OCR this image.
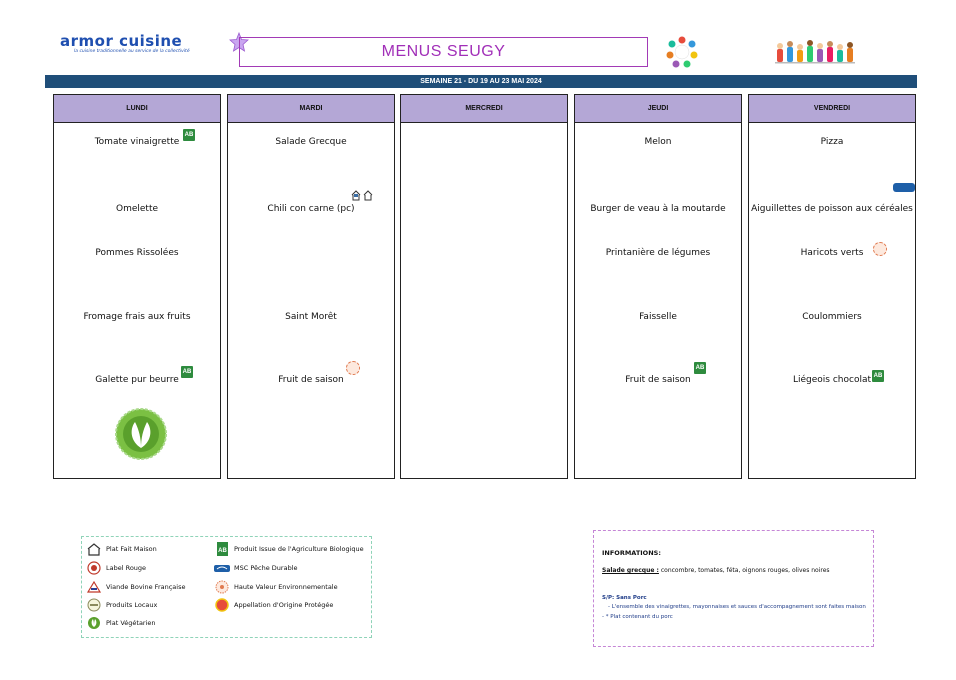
armor cuisine
la cuisine traditionnelle au service de la collectivité	MENUS SEUGY
SEMAINE 21 - DU 19 AU 23 MAI 2024
LUNDI
Tomate vinaigrette
Omelette
Pommes Rissolées
Fromage frais aux fruits
Galette pur beurre
AB
AB
MARDI
Salade Grecque
Chili con carne (pc)
Saint Morêt
Fruit de saison
MERCREDI	JEUDI
Melon
Burger de veau à la moutarde
Printanière de légumes
Faisselle
Fruit de saison
AB
VENDREDI
Pizza
Aiguillettes de poisson aux céréales
Haricots verts
Coulommiers
Liégeois chocolat AB
Plat Fait Maison
Label Rouge
Viande Bovine Française
Produits Locaux
Plat Végétarien
AB Produit Issue de l'Agriculture Biologique
MSC Pêche Durable
Haute Valeur Environnementale
Appellation d'Origine Protégée
INFORMATIONS:
Salade grecque : concombre, tomates, féta, oignons rouges, olives noires
S/P: Sans Porc
- L'ensemble des vinaigrettes, mayonnaises et sauces d'accompagnement sont faites maison
- * Plat contenant du porc
